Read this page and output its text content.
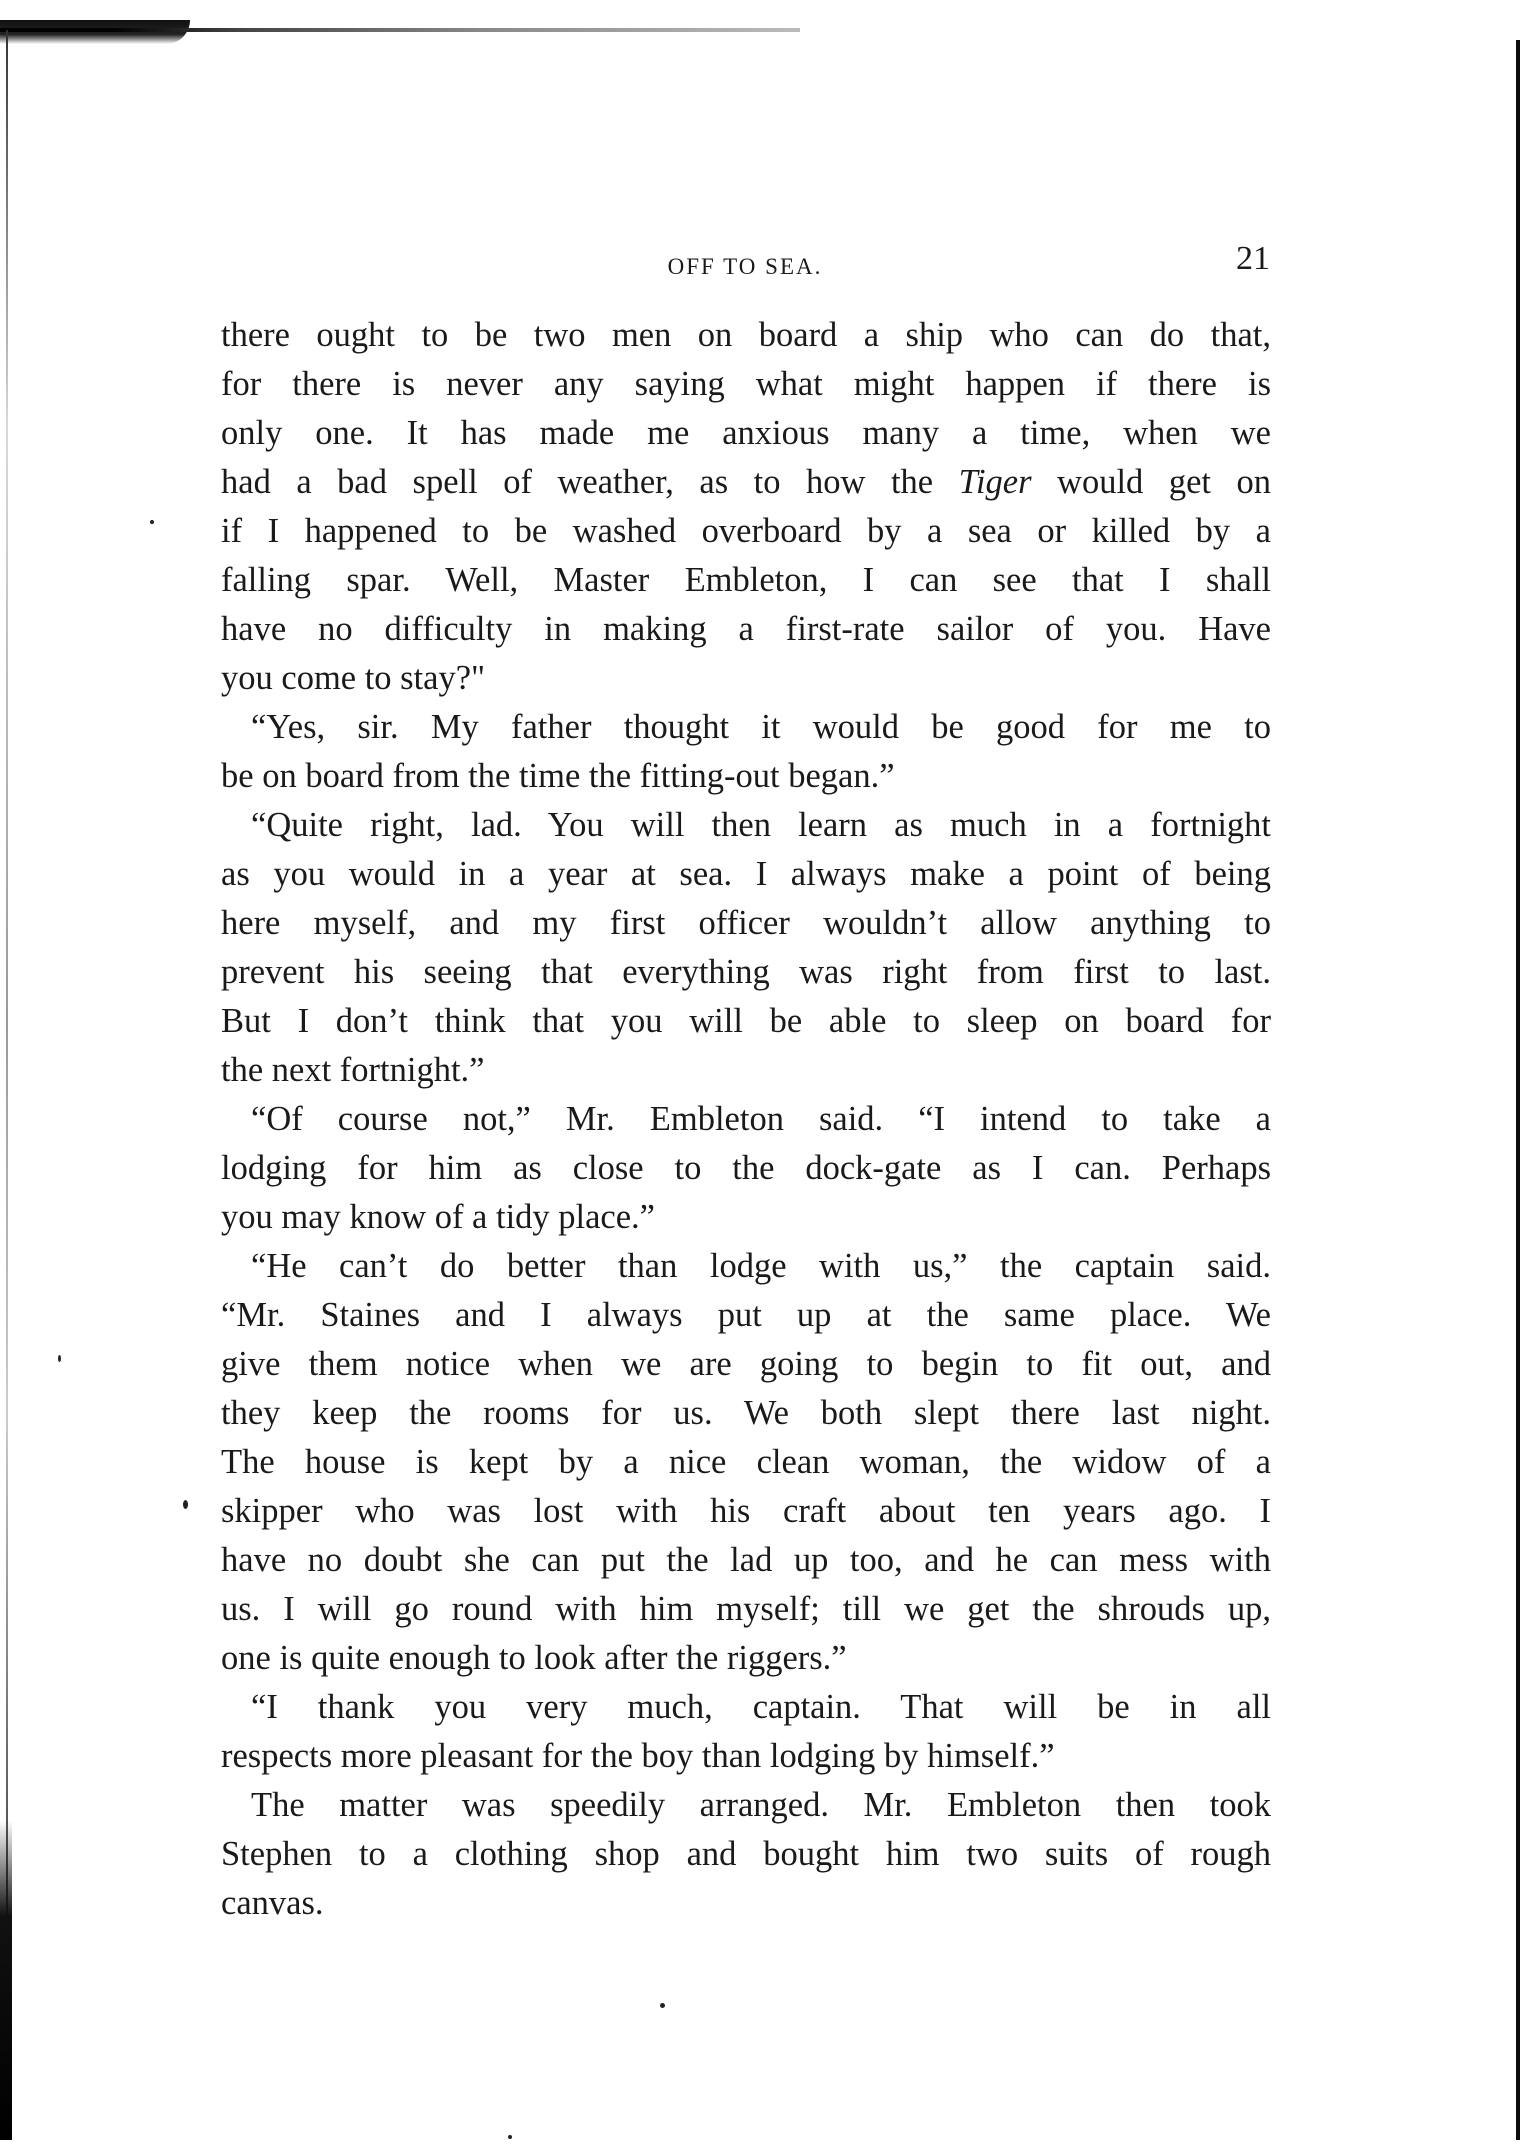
OFF TO SEA.	21

there ought to be two men on board a ship who can do that,

for there is never any saying what might happen if there is

only one. It has made me anxious many a time, when we

had a bad spell of weather, as to how the Tiger would get on

if I happened to be washed overboard by a sea or killed by a

falling spar. Well, Master Embleton, I can see that I shall

have no difficulty in making a first-rate sailor of you. Have

you come to stay?"

“Yes, sir. My father thought it would be good for me to

be on board from the time the fitting-out began.”

“Quite right, lad. You will then learn as much in a fortnight

as you would in a year at sea. I always make a point of being

here myself, and my first officer wouldn’t allow anything to

prevent his seeing that everything was right from first to last.

But I don’t think that you will be able to sleep on board for

the next fortnight.”

“Of course not,” Mr. Embleton said. “I intend to take a

lodging for him as close to the dock-gate as I can. Perhaps

you may know of a tidy place.”

“He can’t do better than lodge with us,” the captain said.

“Mr. Staines and I always put up at the same place. We

give them notice when we are going to begin to fit out, and

they keep the rooms for us. We both slept there last night.

The house is kept by a nice clean woman, the widow of a

skipper who was lost with his craft about ten years ago. I

have no doubt she can put the lad up too, and he can mess with

us. I will go round with him myself; till we get the shrouds up,

one is quite enough to look after the riggers.”

“I thank you very much, captain. That will be in all

respects more pleasant for the boy than lodging by himself.”

The matter was speedily arranged. Mr. Embleton then took

Stephen to a clothing shop and bought him two suits of rough

canvas.
